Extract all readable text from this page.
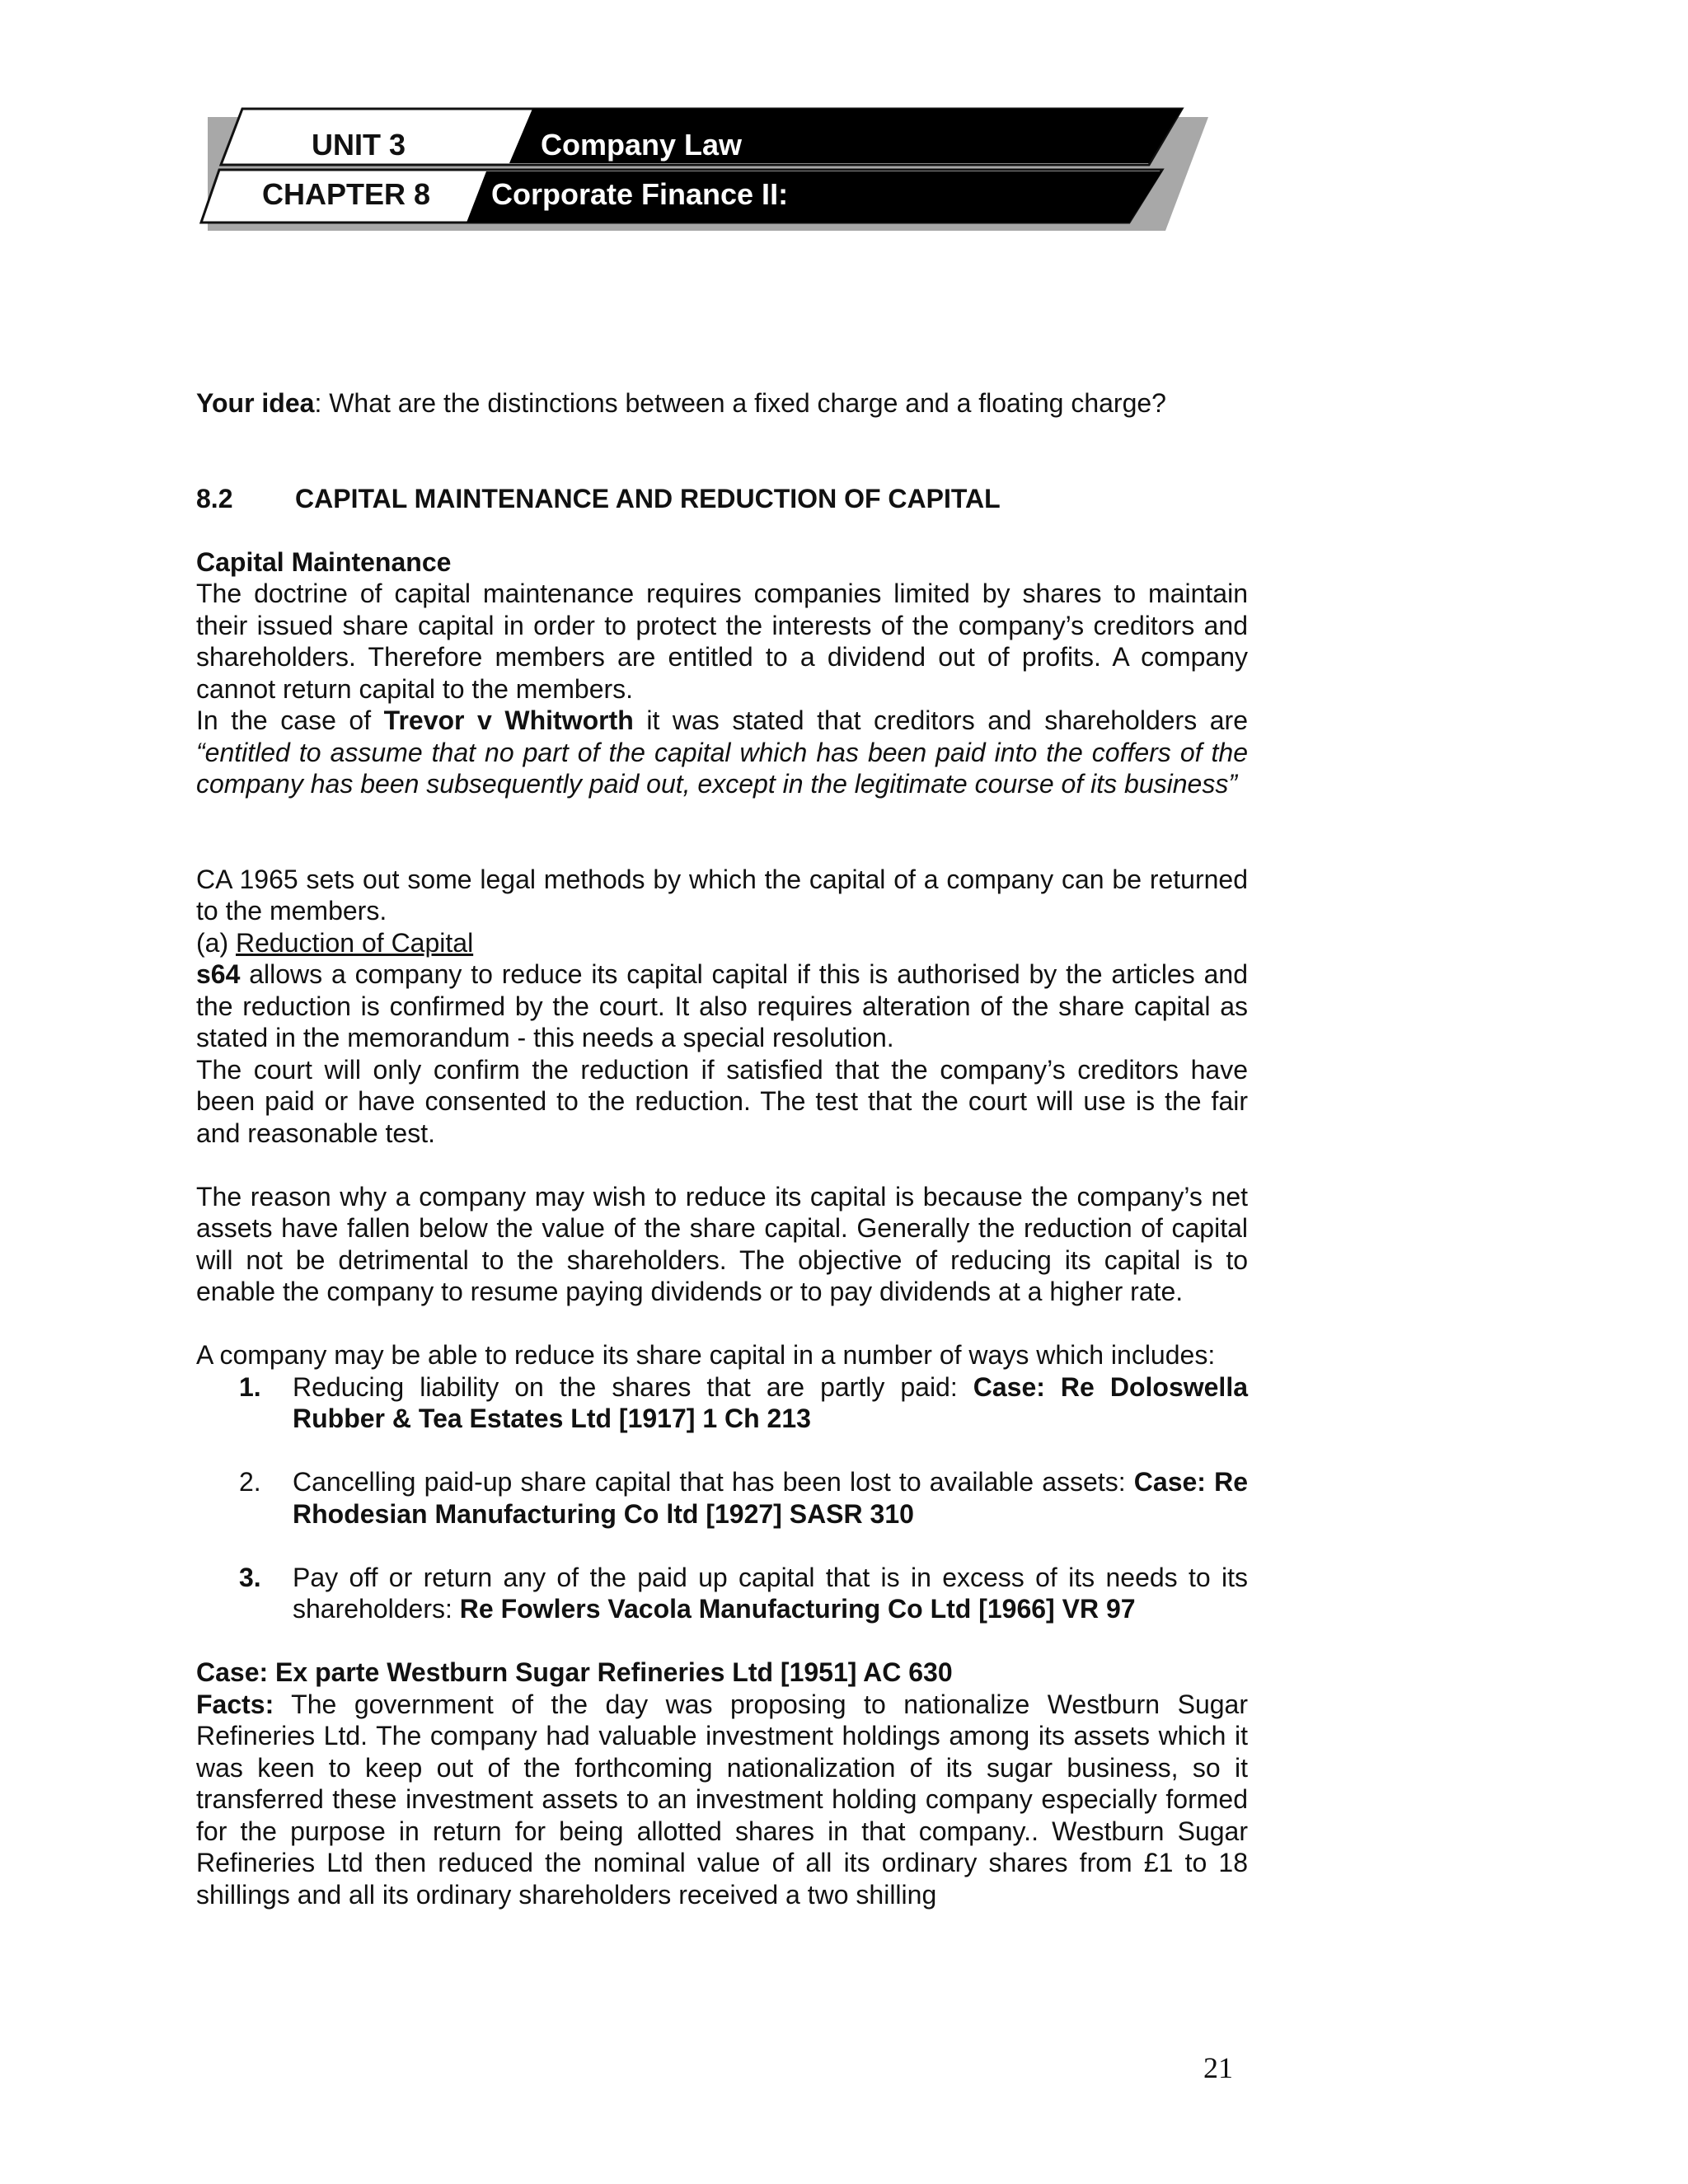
UNIT 3
CHAPTER 8
Company Law
Corporate Finance II:

Your idea: What are the distinctions between a fixed charge and a floating charge?

8.2	CAPITAL MAINTENANCE AND REDUCTION OF CAPITAL

Capital Maintenance

The doctrine of capital maintenance requires companies limited by shares to maintain their issued share capital in order to protect the interests of the company’s creditors and shareholders. Therefore members are entitled to a dividend out of profits. A company cannot return capital to the members.

In the case of Trevor v Whitworth it was stated that creditors and shareholders are “entitled to assume that no part of the capital which has been paid into the coffers of the company has been subsequently paid out, except in the legitimate course of its business”

CA 1965 sets out some legal methods by which the capital of a company can be returned to the members.

(a) Reduction of Capital

s64 allows a company to reduce its capital capital if this is authorised by the articles and the reduction is confirmed by the court. It also requires alteration of the share capital as stated in the memorandum - this needs a special resolution.

The court will only confirm the reduction if satisfied that the company’s creditors have been paid or have consented to the reduction. The test that the court will use is the fair and reasonable test.

The reason why a company may wish to reduce its capital is because the company’s net assets have fallen below the value of the share capital. Generally the reduction of capital will not be detrimental to the shareholders. The objective of reducing its capital is to enable the company to resume paying dividends or to pay dividends at a higher rate.

A company may be able to reduce its share capital in a number of ways which includes:

1.	Reducing liability on the shares that are partly paid: Case: Re Doloswella Rubber & Tea Estates Ltd [1917] 1 Ch 213
2.	Cancelling paid-up share capital that has been lost to available assets: Case: Re Rhodesian Manufacturing Co ltd [1927] SASR 310
3.	Pay off or return any of the paid up capital that is in excess of its needs to its shareholders: Re Fowlers Vacola Manufacturing Co Ltd [1966] VR 97

Case: Ex parte Westburn Sugar Refineries Ltd [1951] AC 630

Facts: The government of the day was proposing to nationalize Westburn Sugar Refineries Ltd. The company had valuable investment holdings among its assets which it was keen to keep out of the forthcoming nationalization of its sugar business, so it transferred these investment assets to an investment holding company especially formed for the purpose in return for being allotted shares in that company.. Westburn Sugar Refineries Ltd then reduced the nominal value of all its ordinary shares from £1 to 18 shillings and all its ordinary shareholders received a two shilling

21
